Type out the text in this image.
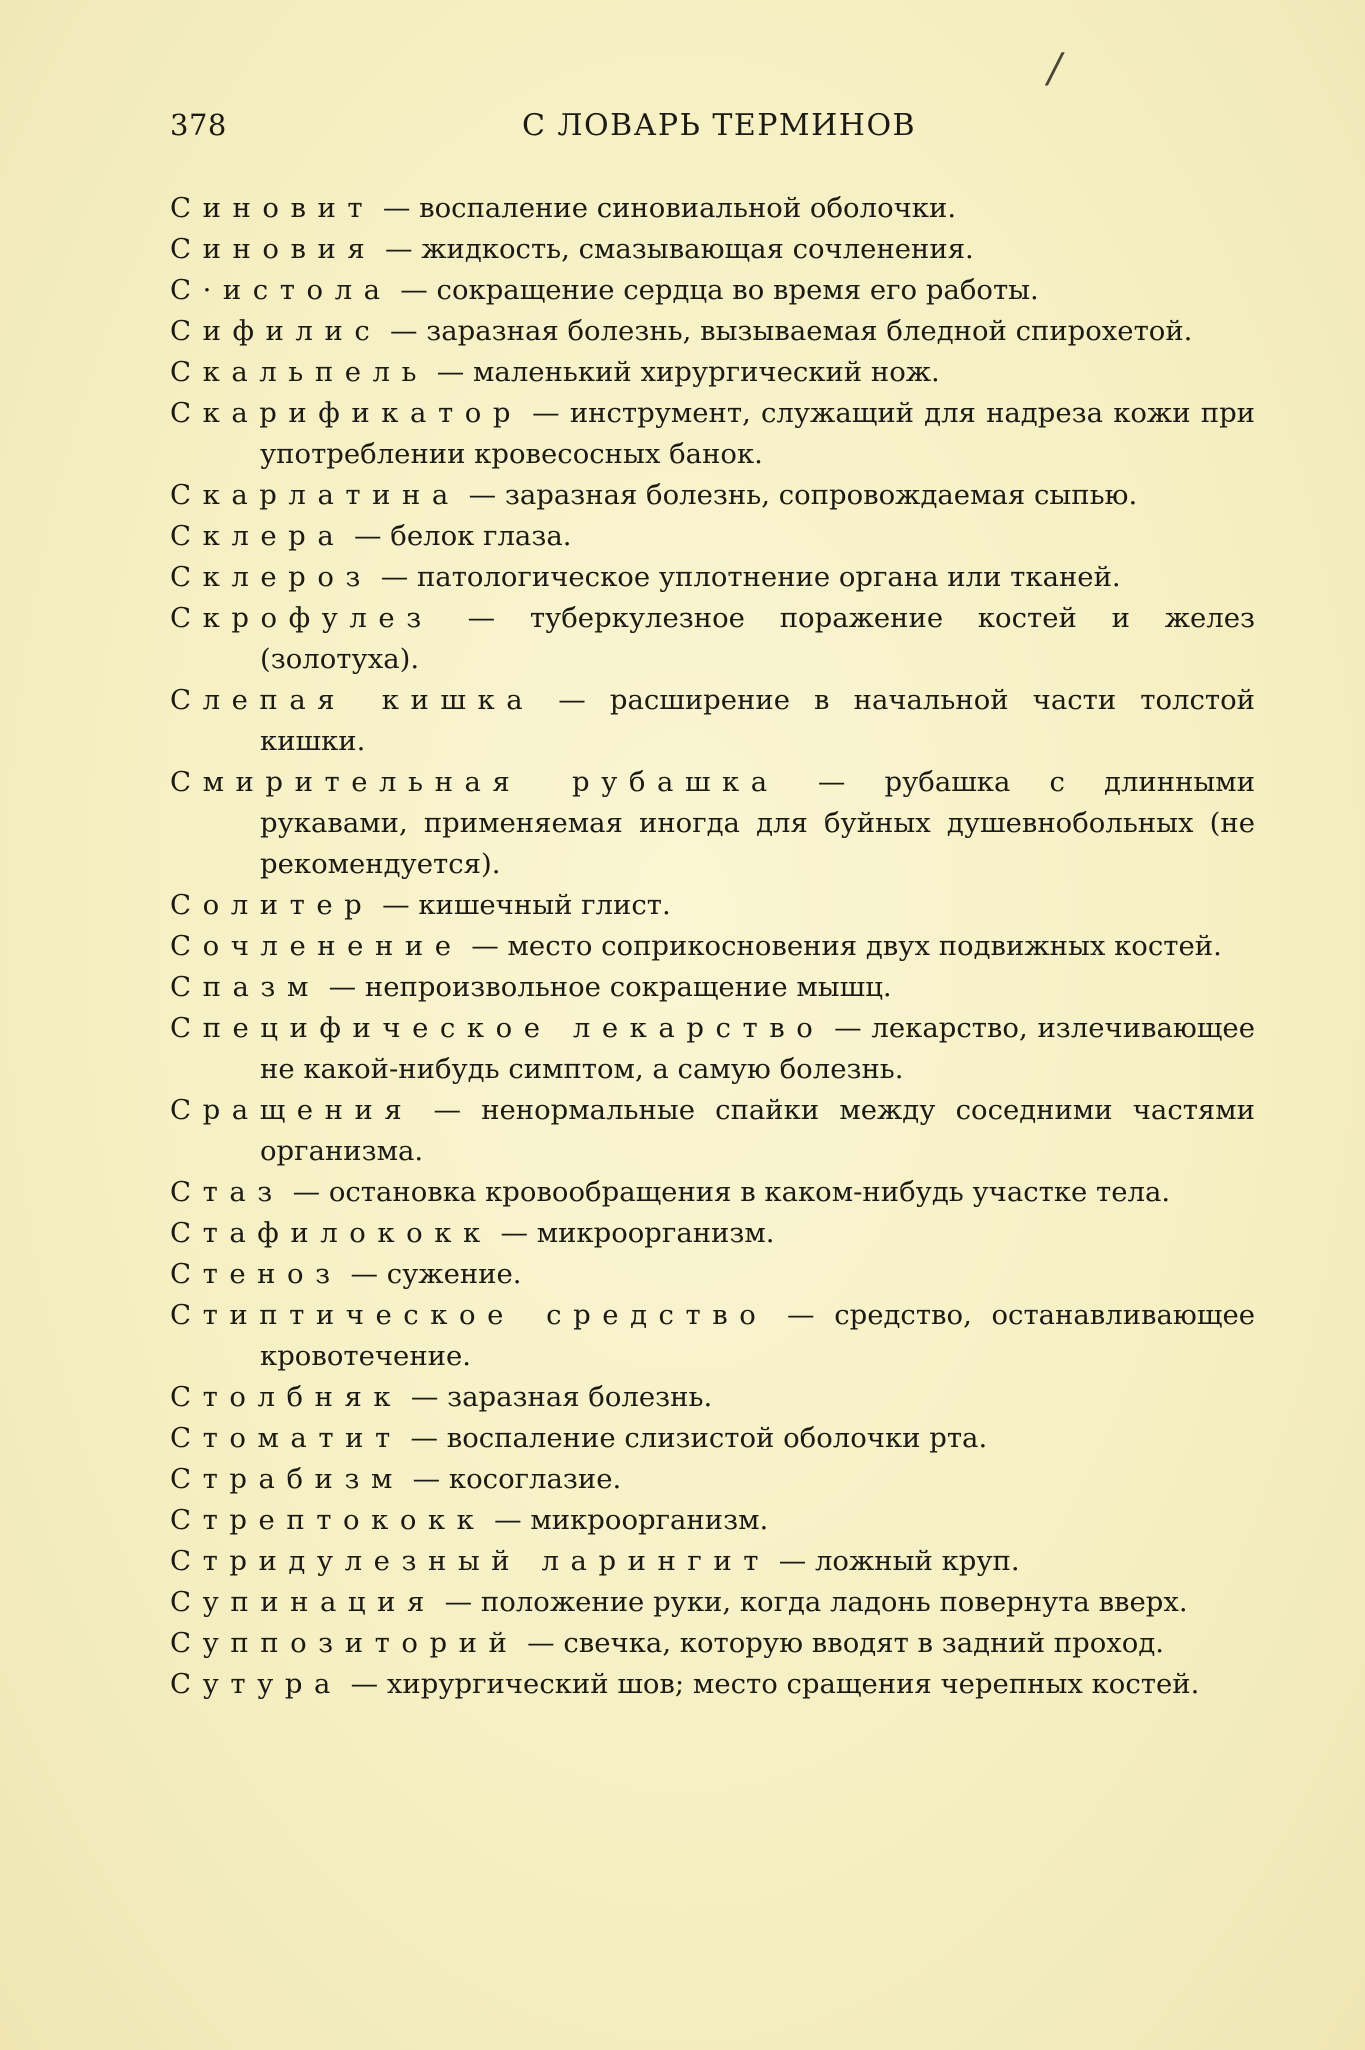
/
378	С ЛОВАРЬ ТЕРМИНОВ

Синовит — воспаление синовиальной оболочки.

Синовия — жидкость, смазывающая сочленения.

С·истола — сокращение сердца во время его работы.

Сифилис — заразная болезнь, вызываемая бледной спирохетой.

Скальпель — маленький хирургический нож.

Скарификатор — инструмент, служащий для надреза кожи при употреблении кровесосных банок.

Скарлатина — заразная болезнь, сопровождаемая сыпью.

Склера — белок глаза.

Склероз — патологическое уплотнение органа или тканей.

Скрофулез — туберкулезное поражение костей и желез (золотуха).

Слепая кишка — расширение в начальной части толстой кишки.

Смирительная рубашка — рубашка с длинными рукавами, применяемая иногда для буйных душевнобольных (не рекомендуется).

Солитер — кишечный глист.

Сочленение — место соприкосновения двух подвижных костей.

Спазм — непроизвольное сокращение мышц.

Специфическое лекарство — лекарство, излечивающее не какой-нибудь симптом, а самую болезнь.

Сращения — ненормальные спайки между соседними частями организма.

Стаз — остановка кровообращения в каком-нибудь участке тела.

Стафилококк — микроорганизм.

Стеноз — сужение.

Стиптическое средство — средство, останавливающее кровотечение.

Столбняк — заразная болезнь.

Стоматит — воспаление слизистой оболочки рта.

Страбизм — косоглазие.

Стрептококк — микроорганизм.

Стридулезный ларингит — ложный круп.

Супинация — положение руки, когда ладонь повернута вверх.

Суппозиторий — свечка, которую вводят в задний проход.

Сутура — хирургический шов; место сращения черепных костей.
